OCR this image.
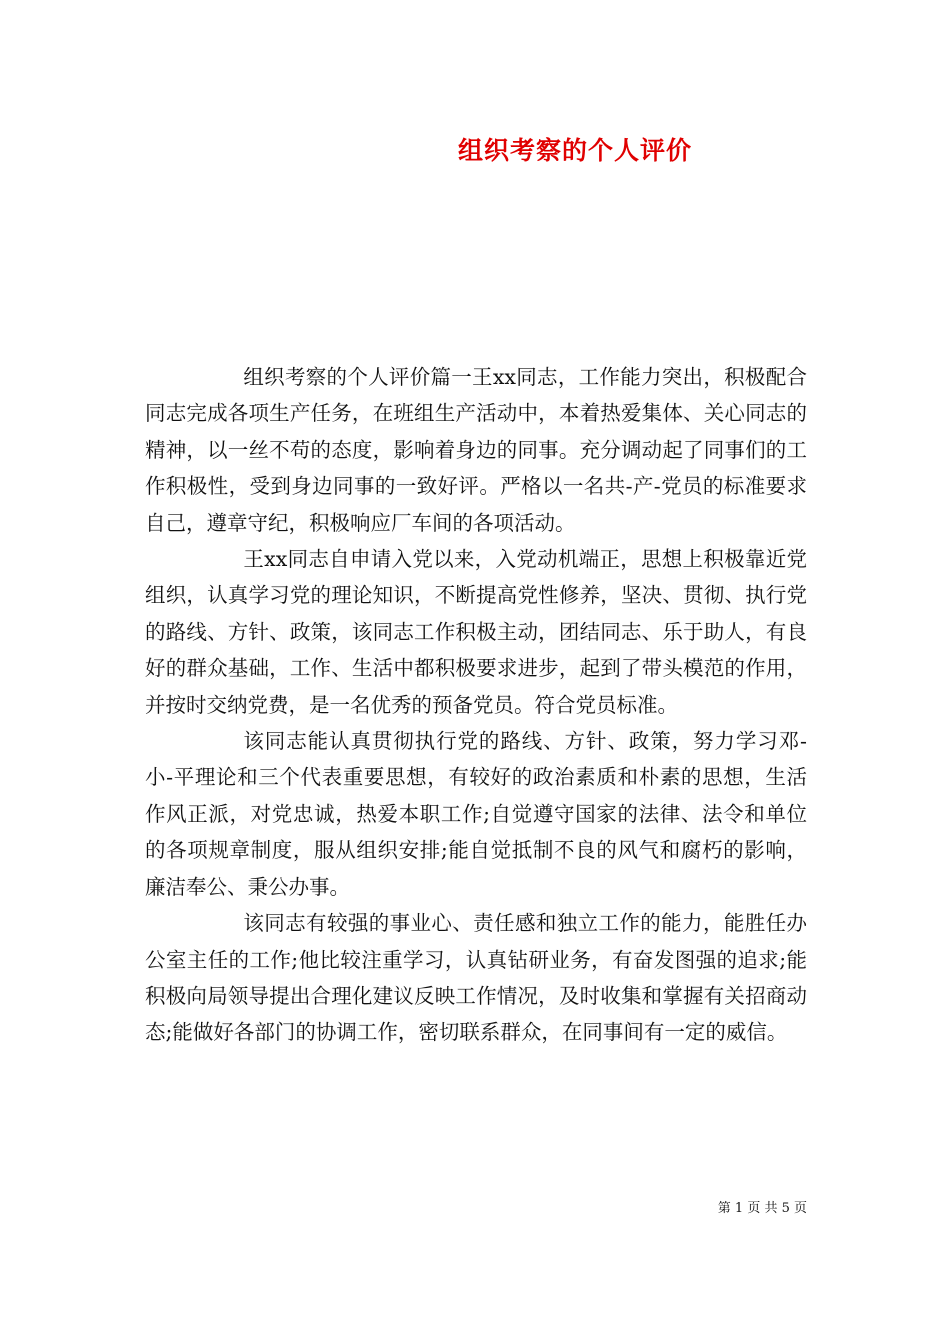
组织考察的个人评价

组织考察的个人评价篇一王xx同志，工作能力突出，积极配合同志完成各项生产任务，在班组生产活动中，本着热爱集体、关心同志的精神，以一丝不苟的态度，影响着身边的同事。充分调动起了同事们的工作积极性，受到身边同事的一致好评。严格以一名共-产-党员的标准要求自己，遵章守纪，积极响应厂车间的各项活动。

王xx同志自申请入党以来，入党动机端正，思想上积极靠近党组织，认真学习党的理论知识，不断提高党性修养，坚决、贯彻、执行党的路线、方针、政策，该同志工作积极主动，团结同志、乐于助人，有良好的群众基础，工作、生活中都积极要求进步，起到了带头模范的作用，并按时交纳党费，是一名优秀的预备党员。符合党员标准。

该同志能认真贯彻执行党的路线、方针、政策，努力学习邓-小-平理论和三个代表重要思想，有较好的政治素质和朴素的思想，生活作风正派，对党忠诚，热爱本职工作;自觉遵守国家的法律、法令和单位的各项规章制度，服从组织安排;能自觉抵制不良的风气和腐朽的影响，廉洁奉公、秉公办事。

该同志有较强的事业心、责任感和独立工作的能力，能胜任办公室主任的工作;他比较注重学习，认真钻研业务，有奋发图强的追求;能积极向局领导提出合理化建议反映工作情况，及时收集和掌握有关招商动态;能做好各部门的协调工作，密切联系群众，在同事间有一定的威信。

第 1 页 共 5 页
